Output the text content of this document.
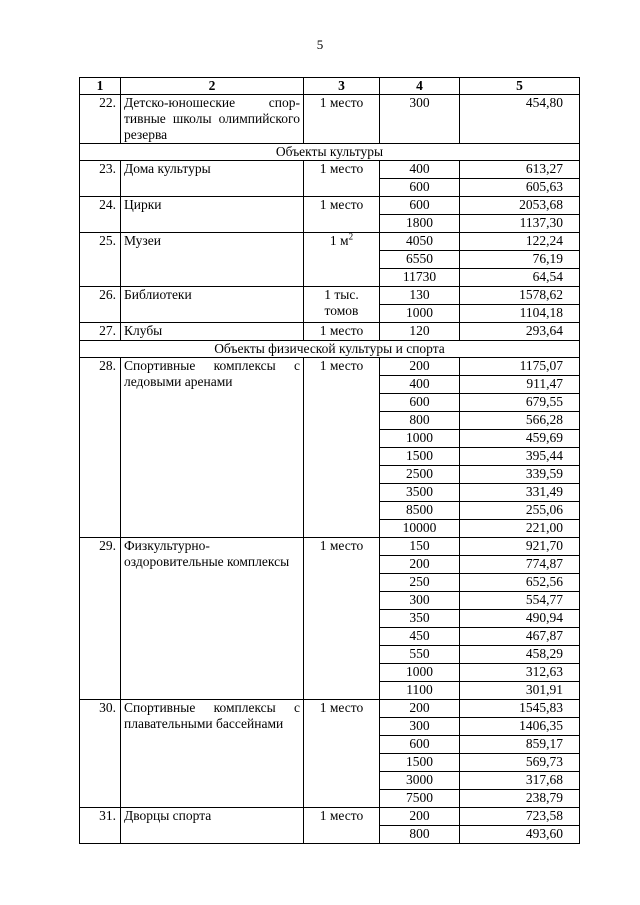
5
1	2	3	4	5
22.	Детско-юношеские спортивные школы олимпийского резерва	1 место	300	454,80
Объекты культуры				
23.	Дома культуры	1 место	400	613,27
			600	605,63
24.	Цирки	1 место	600	2053,68
			1800	1137,30
25.	Музеи	1 $м^2$	4050	122,24
			6550	76,19
			11730	64,54
26.	Библиотеки	1 тыс. томов	130	1578,62
			1000	1104,18
27.	Клубы	1 место	120	293,64
Объекты физической культуры и спорта				
28.	Спортивные комплексы с ледовыми аренами	1 место	200	1175,07
			400	911,47
			600	679,55
			800	566,28
			1000	459,69
			1500	395,44
			2500	339,59
			3500	331,49
			8500	255,06
			10000	221,00
29.	Физкультурно-оздоровительные комплексы	1 место	150	921,70
			200	774,87
			250	652,56
			300	554,77
			350	490,94
			450	467,87
			550	458,29
			1000	312,63
			1100	301,91
30.	Спортивные комплексы с плавательными бассейнами	1 место	200	1545,83
			300	1406,35
			600	859,17
			1500	569,73
			3000	317,68
			7500	238,79
31.	Дворцы спорта	1 место	200	723,58
			800	493,60
